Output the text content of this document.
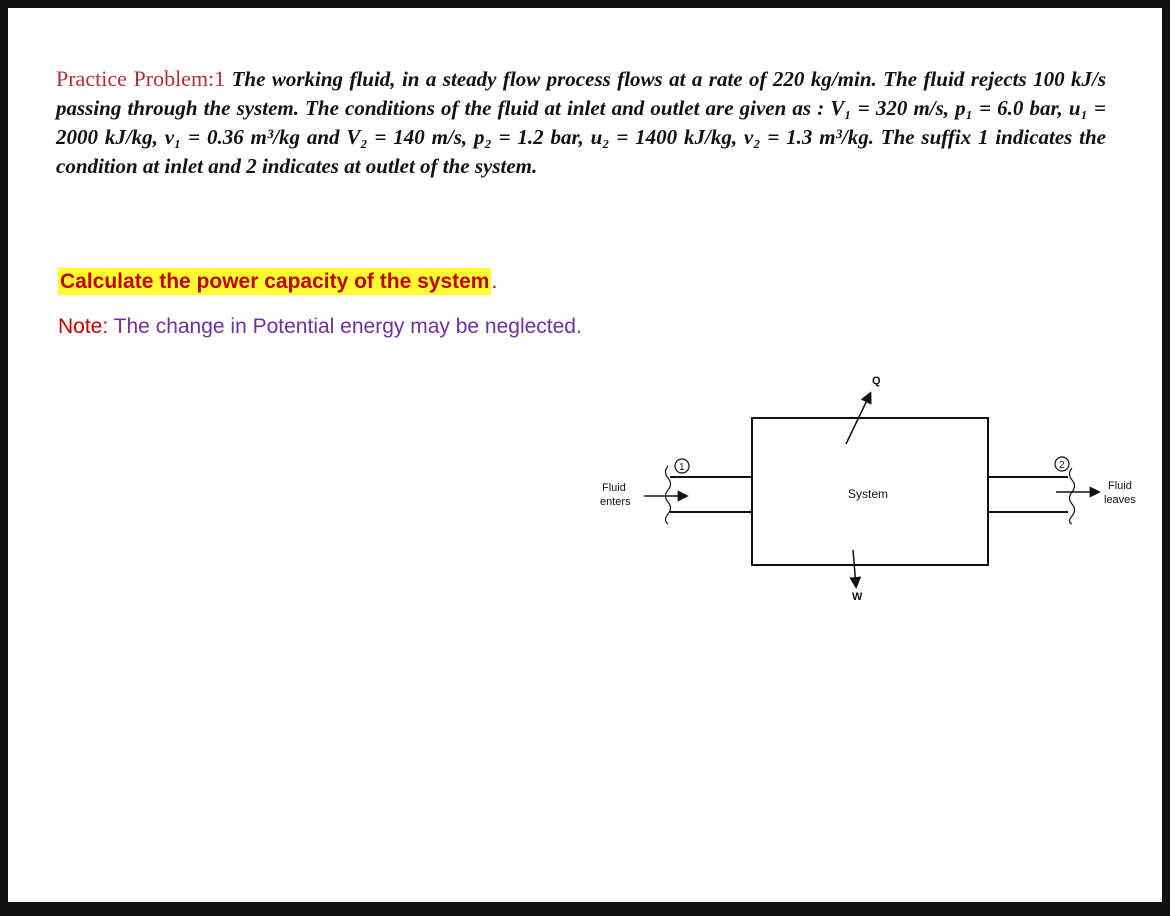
Practice Problem:1 The working fluid, in a steady flow process flows at a rate of 220 kg/min. The fluid rejects 100 kJ/s passing through the system. The conditions of the fluid at inlet and outlet are given as : V₁ = 320 m/s, p₁ = 6.0 bar, u₁ = 2000 kJ/kg, v₁ = 0.36 m³/kg and V₂ = 140 m/s, p₂ = 1.2 bar, u₂ = 1400 kJ/kg, v₂ = 1.3 m³/kg. The suffix 1 indicates the condition at inlet and 2 indicates at outlet of the system.

Calculate the power capacity of the system.
Note: The change in Potential energy may be neglected.
System
Q
W
Fluid enters
1
Fluid leaves
2
